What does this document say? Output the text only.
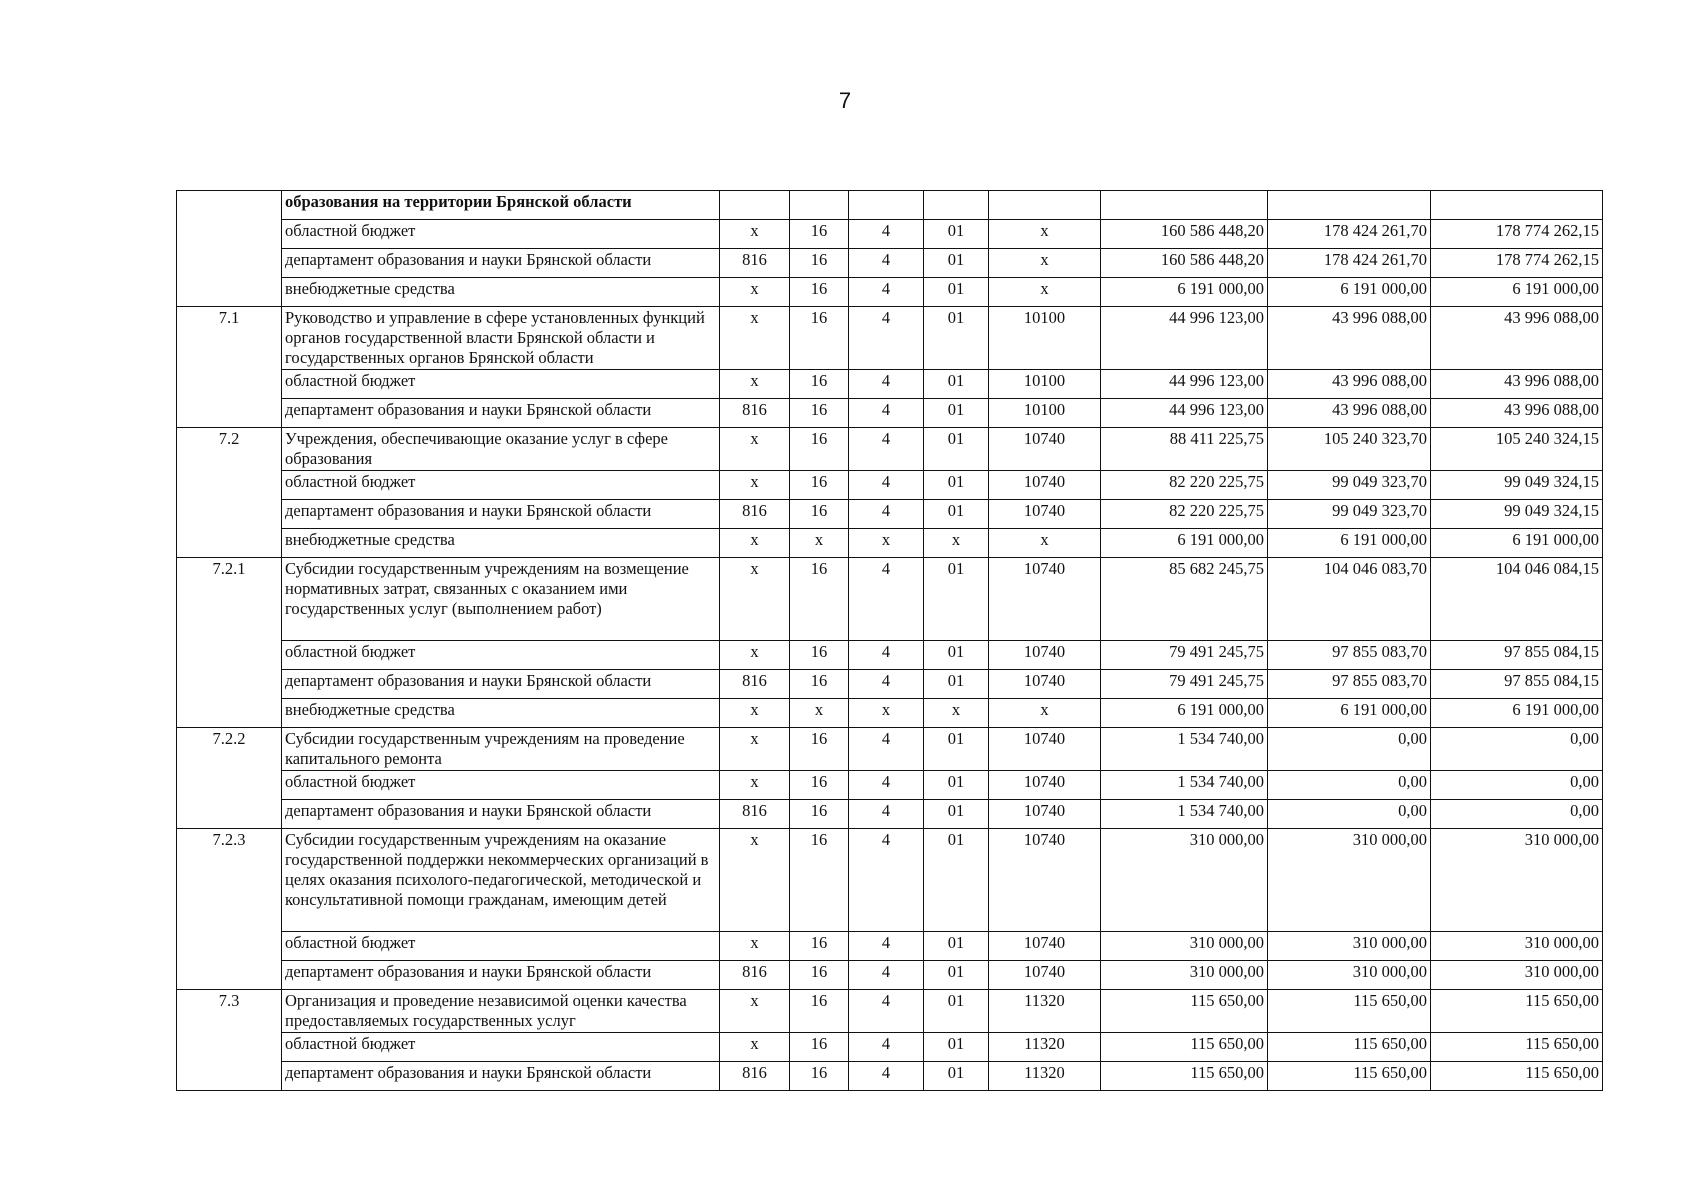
7
	образования на территории Брянской области								
	областной бюджет	х	16	4	01	х	160 586 448,20	178 424 261,70	178 774 262,15
	департамент образования и науки Брянской области	816	16	4	01	х	160 586 448,20	178 424 261,70	178 774 262,15
	внебюджетные средства	х	16	4	01	х	6 191 000,00	6 191 000,00	6 191 000,00
7.1	Руководство и управление в сфере установленных функций органов государственной власти Брянской области и государственных органов Брянской области	х	16	4	01	10100	44 996 123,00	43 996 088,00	43 996 088,00
	областной бюджет	х	16	4	01	10100	44 996 123,00	43 996 088,00	43 996 088,00
	департамент образования и науки Брянской области	816	16	4	01	10100	44 996 123,00	43 996 088,00	43 996 088,00
7.2	Учреждения, обеспечивающие оказание услуг в сфере образования	х	16	4	01	10740	88 411 225,75	105 240 323,70	105 240 324,15
	областной бюджет	х	16	4	01	10740	82 220 225,75	99 049 323,70	99 049 324,15
	департамент образования и науки Брянской области	816	16	4	01	10740	82 220 225,75	99 049 323,70	99 049 324,15
	внебюджетные средства	х	х	х	х	х	6 191 000,00	6 191 000,00	6 191 000,00
7.2.1	Субсидии государственным учреждениям на возмещение нормативных затрат, связанных с оказанием ими государственных услуг (выполнением работ)	х	16	4	01	10740	85 682 245,75	104 046 083,70	104 046 084,15
	областной бюджет	х	16	4	01	10740	79 491 245,75	97 855 083,70	97 855 084,15
	департамент образования и науки Брянской области	816	16	4	01	10740	79 491 245,75	97 855 083,70	97 855 084,15
	внебюджетные средства	х	х	х	х	х	6 191 000,00	6 191 000,00	6 191 000,00
7.2.2	Субсидии государственным учреждениям на проведение капитального ремонта	х	16	4	01	10740	1 534 740,00	0,00	0,00
	областной бюджет	х	16	4	01	10740	1 534 740,00	0,00	0,00
	департамент образования и науки Брянской области	816	16	4	01	10740	1 534 740,00	0,00	0,00
7.2.3	Субсидии государственным учреждениям на оказание государственной поддержки некоммерческих организаций в целях оказания психолого-педагогической, методической и консультативной помощи гражданам, имеющим детей	х	16	4	01	10740	310 000,00	310 000,00	310 000,00
	областной бюджет	х	16	4	01	10740	310 000,00	310 000,00	310 000,00
	департамент образования и науки Брянской области	816	16	4	01	10740	310 000,00	310 000,00	310 000,00
7.3	Организация и проведение независимой оценки качества предоставляемых государственных услуг	х	16	4	01	11320	115 650,00	115 650,00	115 650,00
	областной бюджет	х	16	4	01	11320	115 650,00	115 650,00	115 650,00
	департамент образования и науки Брянской области	816	16	4	01	11320	115 650,00	115 650,00	115 650,00
